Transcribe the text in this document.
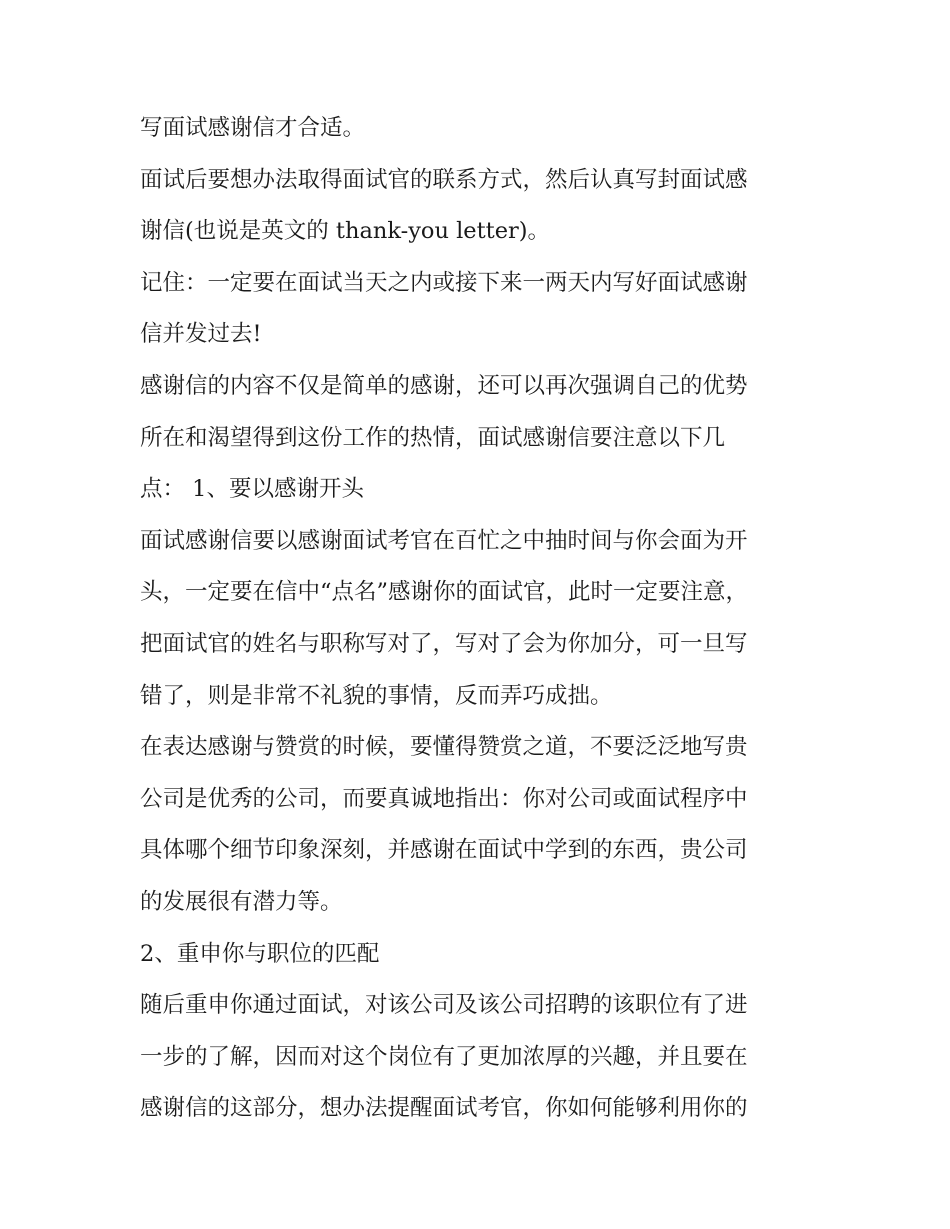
写面试感谢信才合适。
面试后要想办法取得面试官的联系方式，然后认真写封面试感
谢信(也说是英文的 thank-you letter)。
记住：一定要在面试当天之内或接下来一两天内写好面试感谢
信并发过去!
感谢信的内容不仅是简单的感谢，还可以再次强调自己的优势
所在和渴望得到这份工作的热情，面试感谢信要注意以下几
点： 1、要以感谢开头
面试感谢信要以感谢面试考官在百忙之中抽时间与你会面为开
头，一定要在信中“点名”感谢你的面试官，此时一定要注意，
把面试官的姓名与职称写对了，写对了会为你加分，可一旦写
错了，则是非常不礼貌的事情，反而弄巧成拙。
在表达感谢与赞赏的时候，要懂得赞赏之道，不要泛泛地写贵
公司是优秀的公司，而要真诚地指出：你对公司或面试程序中
具体哪个细节印象深刻，并感谢在面试中学到的东西，贵公司
的发展很有潜力等。
2、重申你与职位的匹配
随后重申你通过面试，对该公司及该公司招聘的该职位有了进
一步的了解，因而对这个岗位有了更加浓厚的兴趣，并且要在
感谢信的这部分，想办法提醒面试考官，你如何能够利用你的
